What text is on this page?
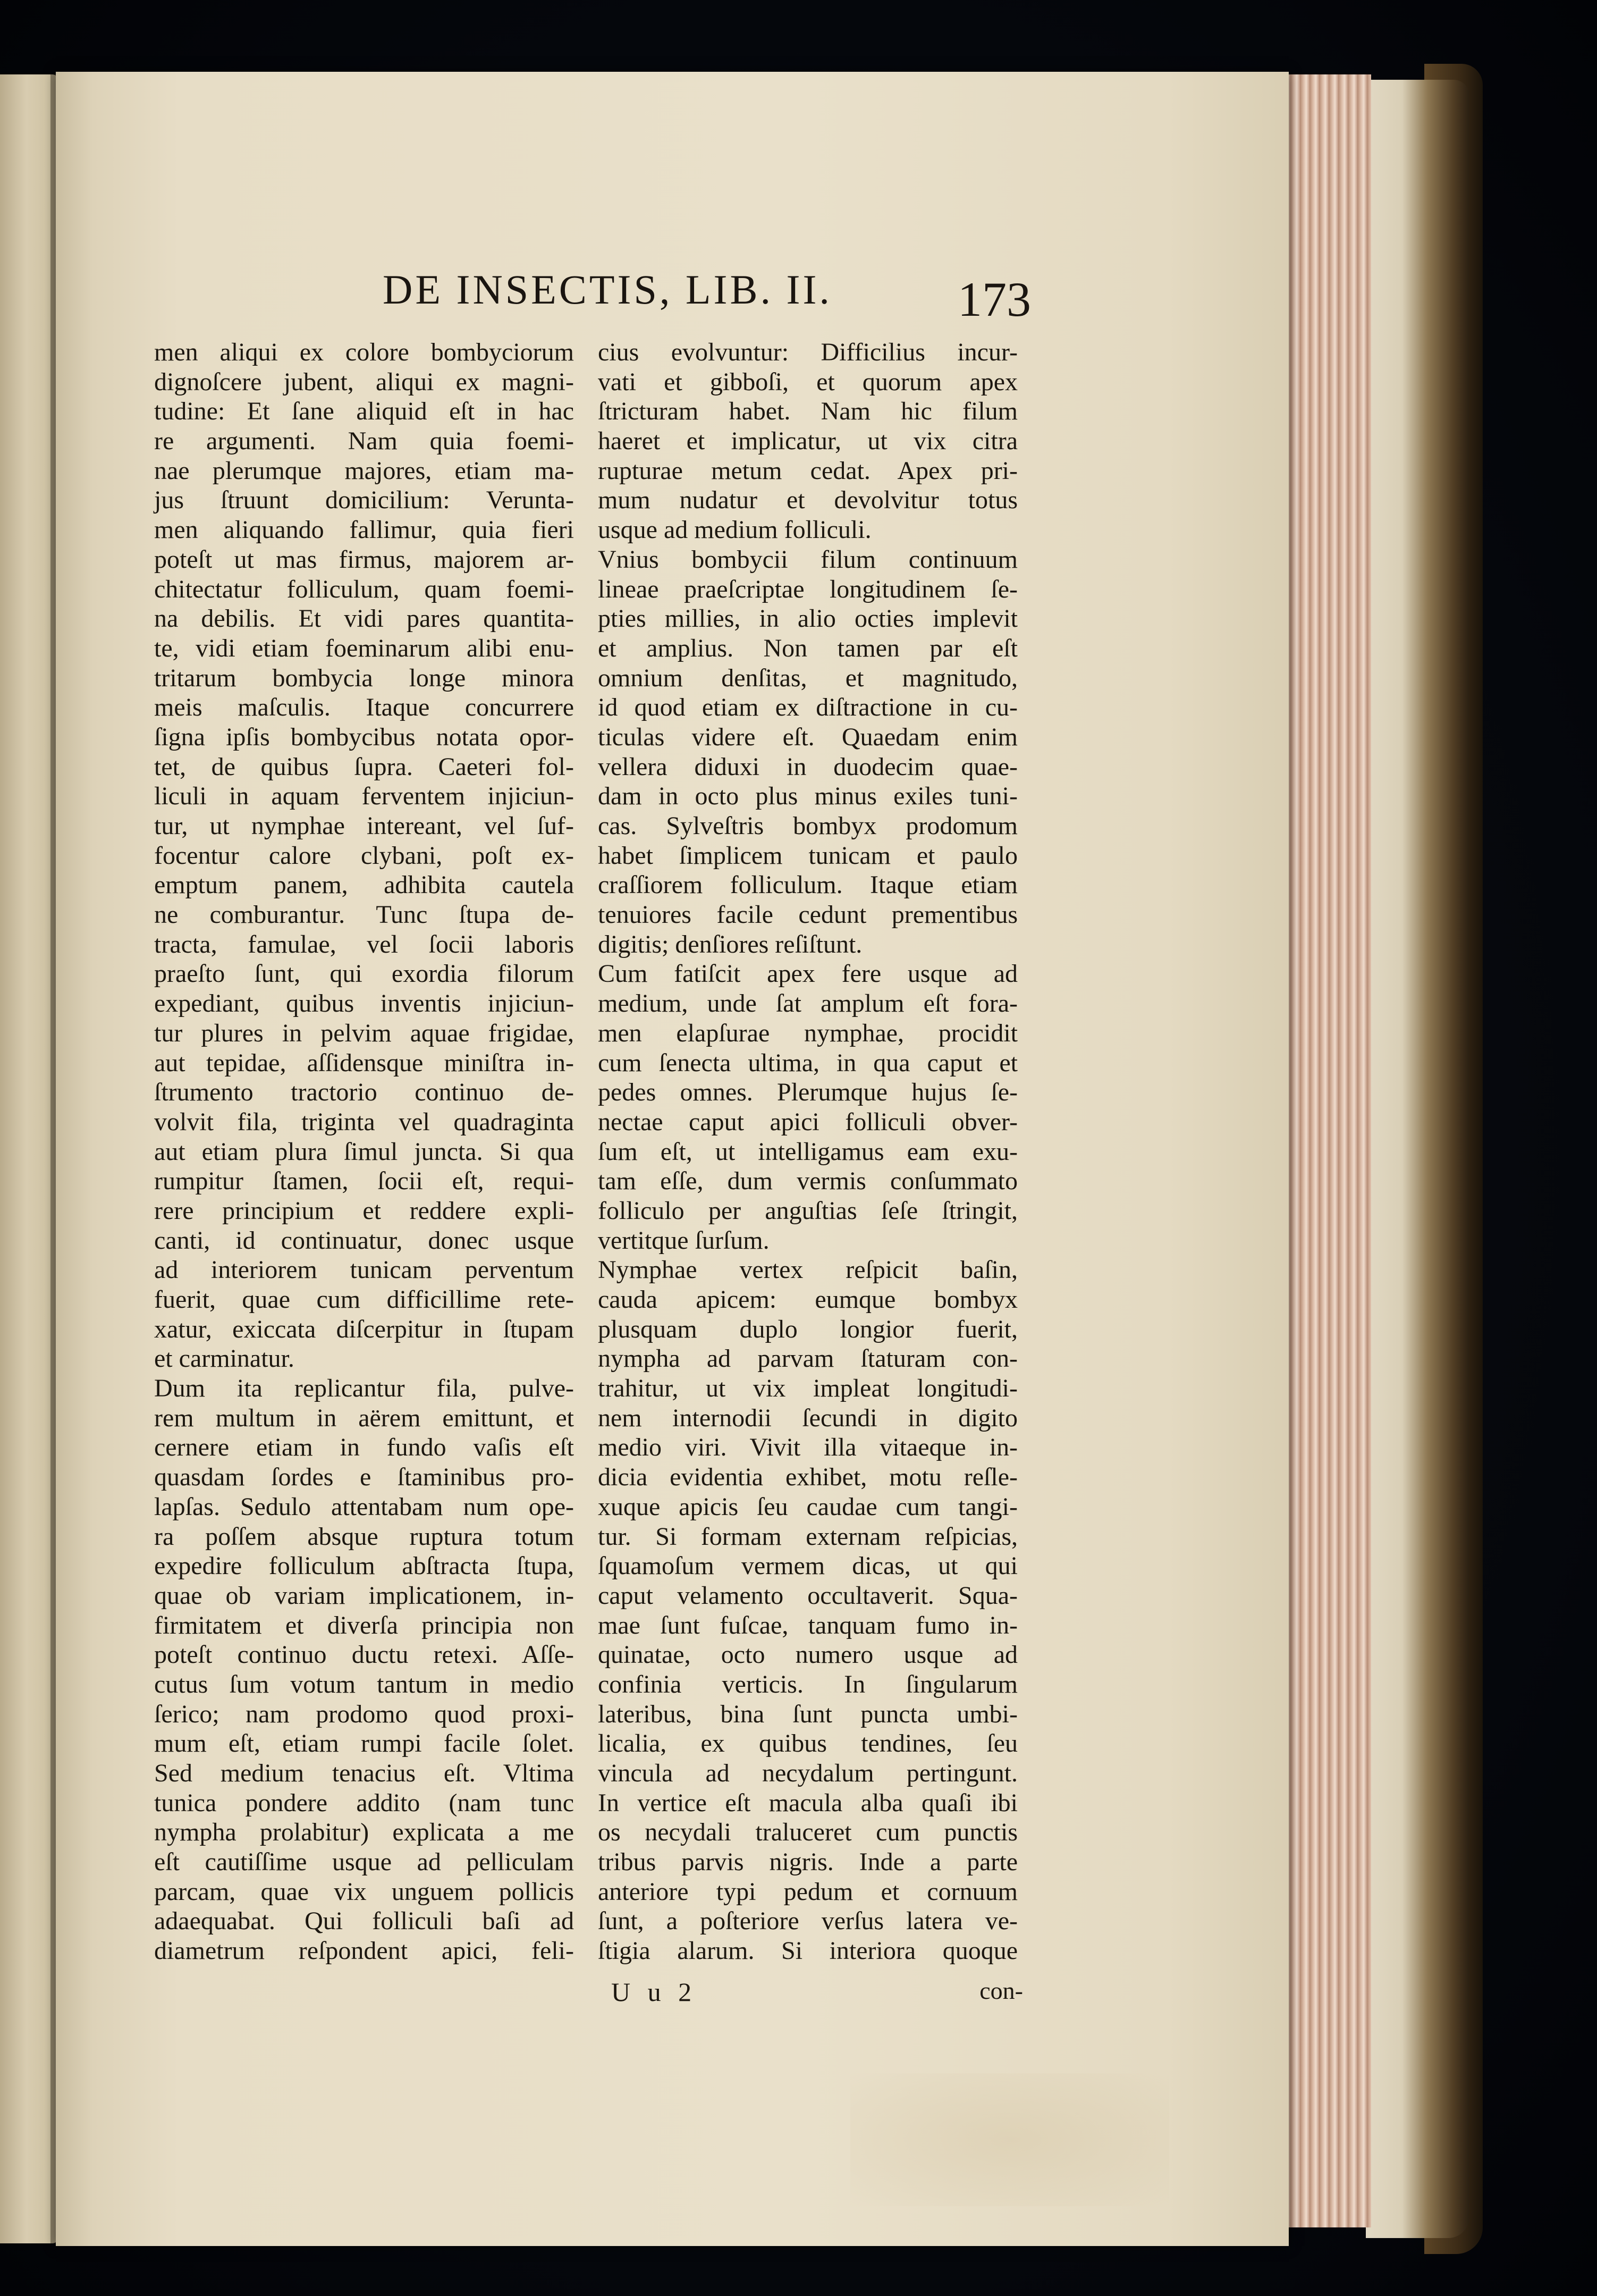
DE INSECTIS, LIB. II.	173
men aliqui ex colore bombyciorum
dignoſcere jubent, aliqui ex magni-
tudine: Et ſane aliquid eſt in hac
re argumenti. Nam quia foemi-
nae plerumque majores, etiam ma-
jus ſtruunt domicilium: Verunta-
men aliquando fallimur, quia fieri
poteſt ut mas firmus, majorem ar-
chitectatur folliculum, quam foemi-
na debilis. Et vidi pares quantita-
te, vidi etiam foeminarum alibi enu-
tritarum bombycia longe minora
meis maſculis. Itaque concurrere
ſigna ipſis bombycibus notata opor-
tet, de quibus ſupra. Caeteri fol-
liculi in aquam ferventem injiciun-
tur, ut nymphae intereant, vel ſuf-
focentur calore clybani, poſt ex-
emptum panem, adhibita cautela
ne comburantur. Tunc ſtupa de-
tracta, famulae, vel ſocii laboris
praeſto ſunt, qui exordia filorum
expediant, quibus inventis injiciun-
tur plures in pelvim aquae frigidae,
aut tepidae, aſſidensque miniſtra in-
ſtrumento tractorio continuo de-
volvit fila, triginta vel quadraginta
aut etiam plura ſimul juncta. Si qua
rumpitur ſtamen, ſocii eſt, requi-
rere principium et reddere expli-
canti, id continuatur, donec usque
ad interiorem tunicam perventum
fuerit, quae cum difficillime rete-
xatur, exiccata diſcerpitur in ſtupam
et carminatur.
Dum ita replicantur fila, pulve-
rem multum in aërem emittunt, et
cernere etiam in fundo vaſis eſt
quasdam ſordes e ſtaminibus pro-
lapſas. Sedulo attentabam num ope-
ra poſſem absque ruptura totum
expedire folliculum abſtracta ſtupa,
quae ob variam implicationem, in-
firmitatem et diverſa principia non
poteſt continuo ductu retexi. Aſſe-
cutus ſum votum tantum in medio
ſerico; nam prodomo quod proxi-
mum eſt, etiam rumpi facile ſolet.
Sed medium tenacius eſt. Vltima
tunica pondere addito (nam tunc
nympha prolabitur) explicata a me
eſt cautiſſime usque ad pelliculam
parcam, quae vix unguem pollicis
adaequabat. Qui folliculi baſi ad
diametrum reſpondent apici, feli-
cius evolvuntur: Difficilius incur-
vati et gibboſi, et quorum apex
ſtricturam habet. Nam hic filum
haeret et implicatur, ut vix citra
rupturae metum cedat. Apex pri-
mum nudatur et devolvitur totus
usque ad medium folliculi.
Vnius bombycii filum continuum
lineae praeſcriptae longitudinem ſe-
pties millies, in alio octies implevit
et amplius. Non tamen par eſt
omnium denſitas, et magnitudo,
id quod etiam ex diſtractione in cu-
ticulas videre eſt. Quaedam enim
vellera diduxi in duodecim quae-
dam in octo plus minus exiles tuni-
cas. Sylveſtris bombyx prodomum
habet ſimplicem tunicam et paulo
craſſiorem folliculum. Itaque etiam
tenuiores facile cedunt prementibus
digitis; denſiores reſiſtunt.
Cum fatiſcit apex fere usque ad
medium, unde ſat amplum eſt fora-
men elapſurae nymphae, procidit
cum ſenecta ultima, in qua caput et
pedes omnes. Plerumque hujus ſe-
nectae caput apici folliculi obver-
ſum eſt, ut intelligamus eam exu-
tam eſſe, dum vermis conſummato
folliculo per anguſtias ſeſe ſtringit,
vertitque ſurſum.
Nymphae vertex reſpicit baſin,
cauda apicem: eumque bombyx
plusquam duplo longior fuerit,
nympha ad parvam ſtaturam con-
trahitur, ut vix impleat longitudi-
nem internodii ſecundi in digito
medio viri. Vivit illa vitaeque in-
dicia evidentia exhibet, motu reſle-
xuque apicis ſeu caudae cum tangi-
tur. Si formam externam reſpicias,
ſquamoſum vermem dicas, ut qui
caput velamento occultaverit. Squa-
mae ſunt fuſcae, tanquam fumo in-
quinatae, octo numero usque ad
confinia verticis. In ſingularum
lateribus, bina ſunt puncta umbi-
licalia, ex quibus tendines, ſeu
vincula ad necydalum pertingunt.
In vertice eſt macula alba quaſi ibi
os necydali traluceret cum punctis
tribus parvis nigris. Inde a parte
anteriore typi pedum et cornuum
ſunt, a poſteriore verſus latera ve-
ſtigia alarum. Si interiora quoque
U u 2	con-
